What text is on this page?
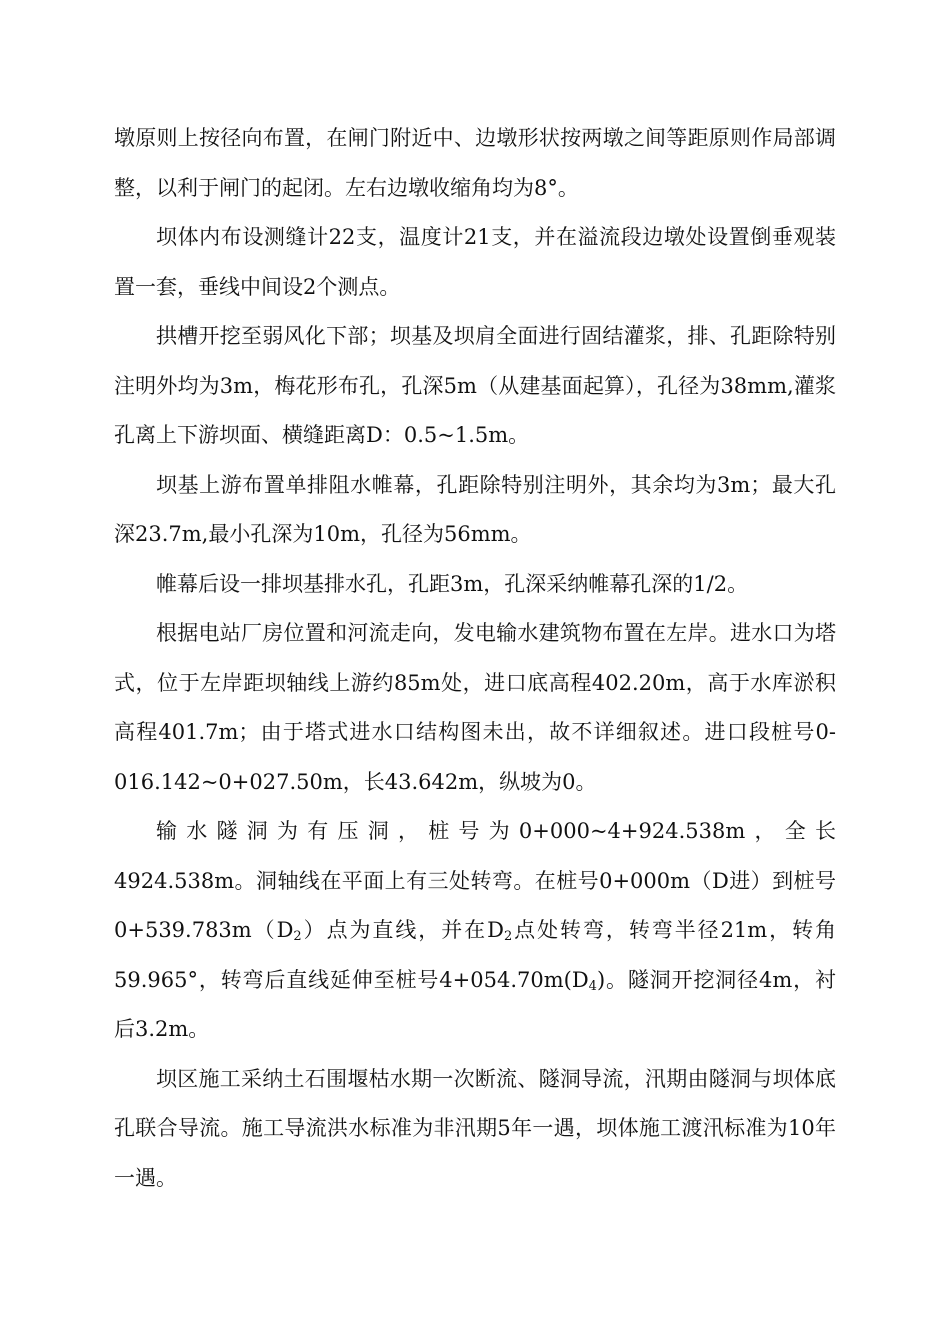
墩原则上按径向布置，在闸门附近中、边墩形状按两墩之间等距原则作局部调整，以利于闸门的起闭。左右边墩收缩角均为8°。

坝体内布设测缝计22支，温度计21支，并在溢流段边墩处设置倒垂观装置一套，垂线中间设2个测点。

拱槽开挖至弱风化下部；坝基及坝肩全面进行固结灌浆，排、孔距除特别注明外均为3m，梅花形布孔，孔深5m（从建基面起算），孔径为38mm,灌浆孔离上下游坝面、横缝距离D：0.5~1.5m。

坝基上游布置单排阻水帷幕，孔距除特别注明外，其余均为3m；最大孔深23.7m,最小孔深为10m，孔径为56mm。

帷幕后设一排坝基排水孔，孔距3m，孔深采纳帷幕孔深的1/2。

根据电站厂房位置和河流走向，发电输水建筑物布置在左岸。进水口为塔式，位于左岸距坝轴线上游约85m处，进口底高程402.20m，高于水库淤积高程401.7m；由于塔式进水口结构图未出，故不详细叙述。进口段桩号0-016.142~0+027.50m，长43.642m，纵坡为0。

输水隧洞为有压洞，桩号为0+000~4+924.538m，全长4924.538m。洞轴线在平面上有三处转弯。在桩号0+000m（D进）到桩号$0+539.783m(D_2)$点为直线，并在$D_2$点处转弯，转弯半径21m，转角59.965°，转弯后直线延伸至桩号$4+054.70m(D_4)$。隧洞开挖洞径4m，衬后3.2m。

坝区施工采纳土石围堰枯水期一次断流、隧洞导流，汛期由隧洞与坝体底孔联合导流。施工导流洪水标准为非汛期5年一遇，坝体施工渡汛标准为10年一遇。
